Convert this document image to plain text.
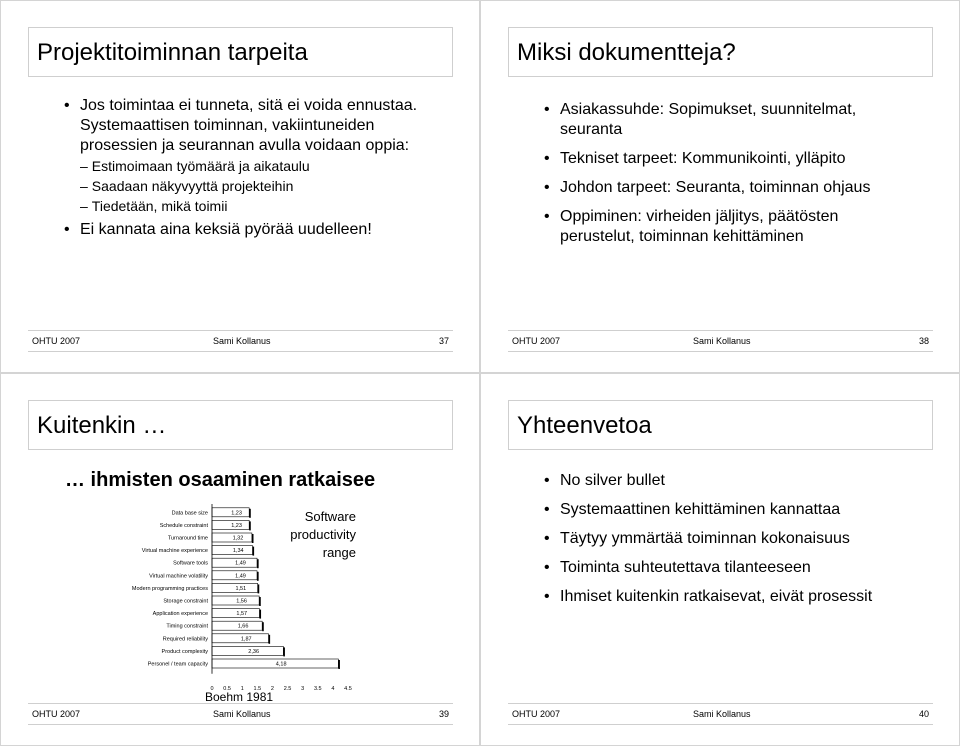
Projektitoiminnan tarpeita
• Jos toimintaa ei tunneta, sitä ei voida ennustaa. Systemaattisen toiminnan, vakiintuneiden prosessien ja seurannan avulla voidaan oppia:
– Estimoimaan työmäärä ja aikataulu
– Saadaan näkyvyyttä projekteihin
– Tiedetään, mikä toimii
• Ei kannata aina keksiä pyörää uudelleen!
OHTU 2007	Sami Kollanus	37
Miksi dokumentteja?
• Asiakassuhde: Sopimukset, suunnitelmat, seuranta
• Tekniset tarpeet: Kommunikointi, ylläpito
• Johdon tarpeet: Seuranta, toiminnan ohjaus
• Oppiminen: virheiden jäljitys, päätösten perustelut, toiminnan kehittäminen
OHTU 2007	Sami Kollanus	38
Kuitenkin …
OHTU 2007	Sami Kollanus	39
… ihmisten osaaminen ratkaisee
Software productivity range
Data base size	1,23
Schedule constraint	1,23
Turnaround time	1,32
Virtual machine experience	1,34
Software tools	1,49
Virtual machine volatility	1,49
Modern programming practices	1,51
Storage constraint	1,56
Application experience	1,57
Timing constraint	1,66
Required reliability	1,87
Product complexity	2,36
Personel / team capacity	4,18
0 0,5 1 1,5 2 2,5 3 3,5 4 4,5
Boehm 1981
Yhteenvetoa
• No silver bullet
• Systemaattinen kehittäminen kannattaa
• Täytyy ymmärtää toiminnan kokonaisuus
• Toiminta suhteutettava tilanteeseen
• Ihmiset kuitenkin ratkaisevat, eivät prosessit
OHTU 2007	Sami Kollanus	40
